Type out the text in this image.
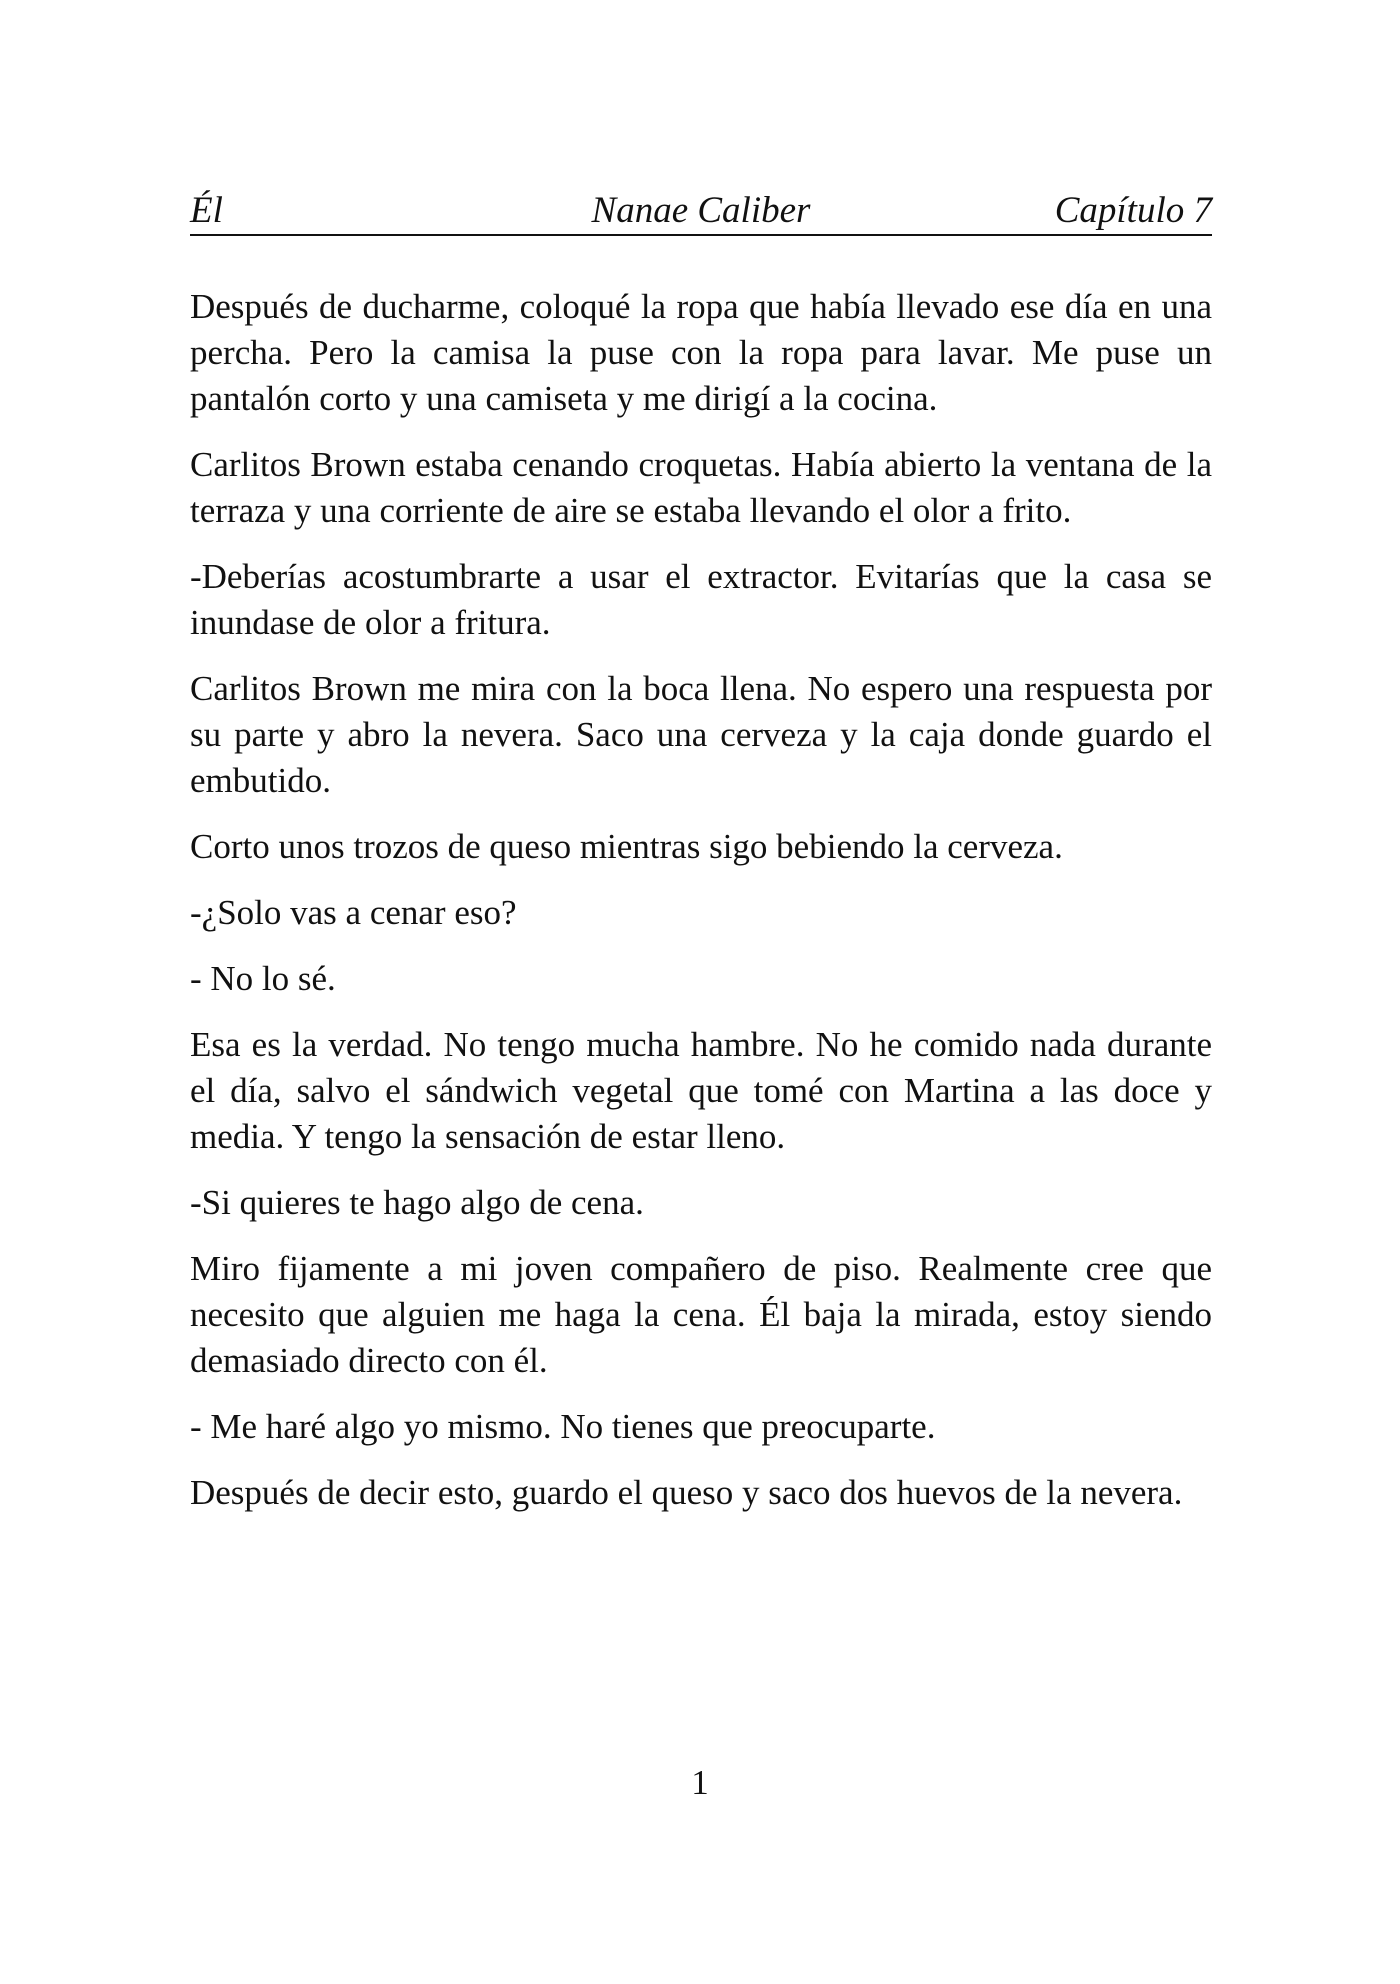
Nanae Caliber
Él	Capítulo 7

Después de ducharme, coloqué la ropa que había llevado ese día en una percha. Pero la camisa la puse con la ropa para lavar. Me puse un pantalón corto y una camiseta y me dirigí a la cocina.

Carlitos Brown estaba cenando croquetas. Había abierto la ventana de la terraza y una corriente de aire se estaba llevando el olor a frito.

-Deberías acostumbrarte a usar el extractor. Evitarías que la casa se inundase de olor a fritura.

Carlitos Brown me mira con la boca llena. No espero una respuesta por su parte y abro la nevera. Saco una cerveza y la caja donde guardo el embutido.

Corto unos trozos de queso mientras sigo bebiendo la cerveza.

-¿Solo vas a cenar eso?

- No lo sé.

Esa es la verdad. No tengo mucha hambre. No he comido nada durante el día, salvo el sándwich vegetal que tomé con Martina a las doce y media. Y tengo la sensación de estar lleno.

-Si quieres te hago algo de cena.

Miro fijamente a mi joven compañero de piso. Realmente cree que necesito que alguien me haga la cena. Él baja la mirada, estoy siendo demasiado directo con él.

- Me haré algo yo mismo. No tienes que preocuparte.

Después de decir esto, guardo el queso y saco dos huevos de la nevera.

1
